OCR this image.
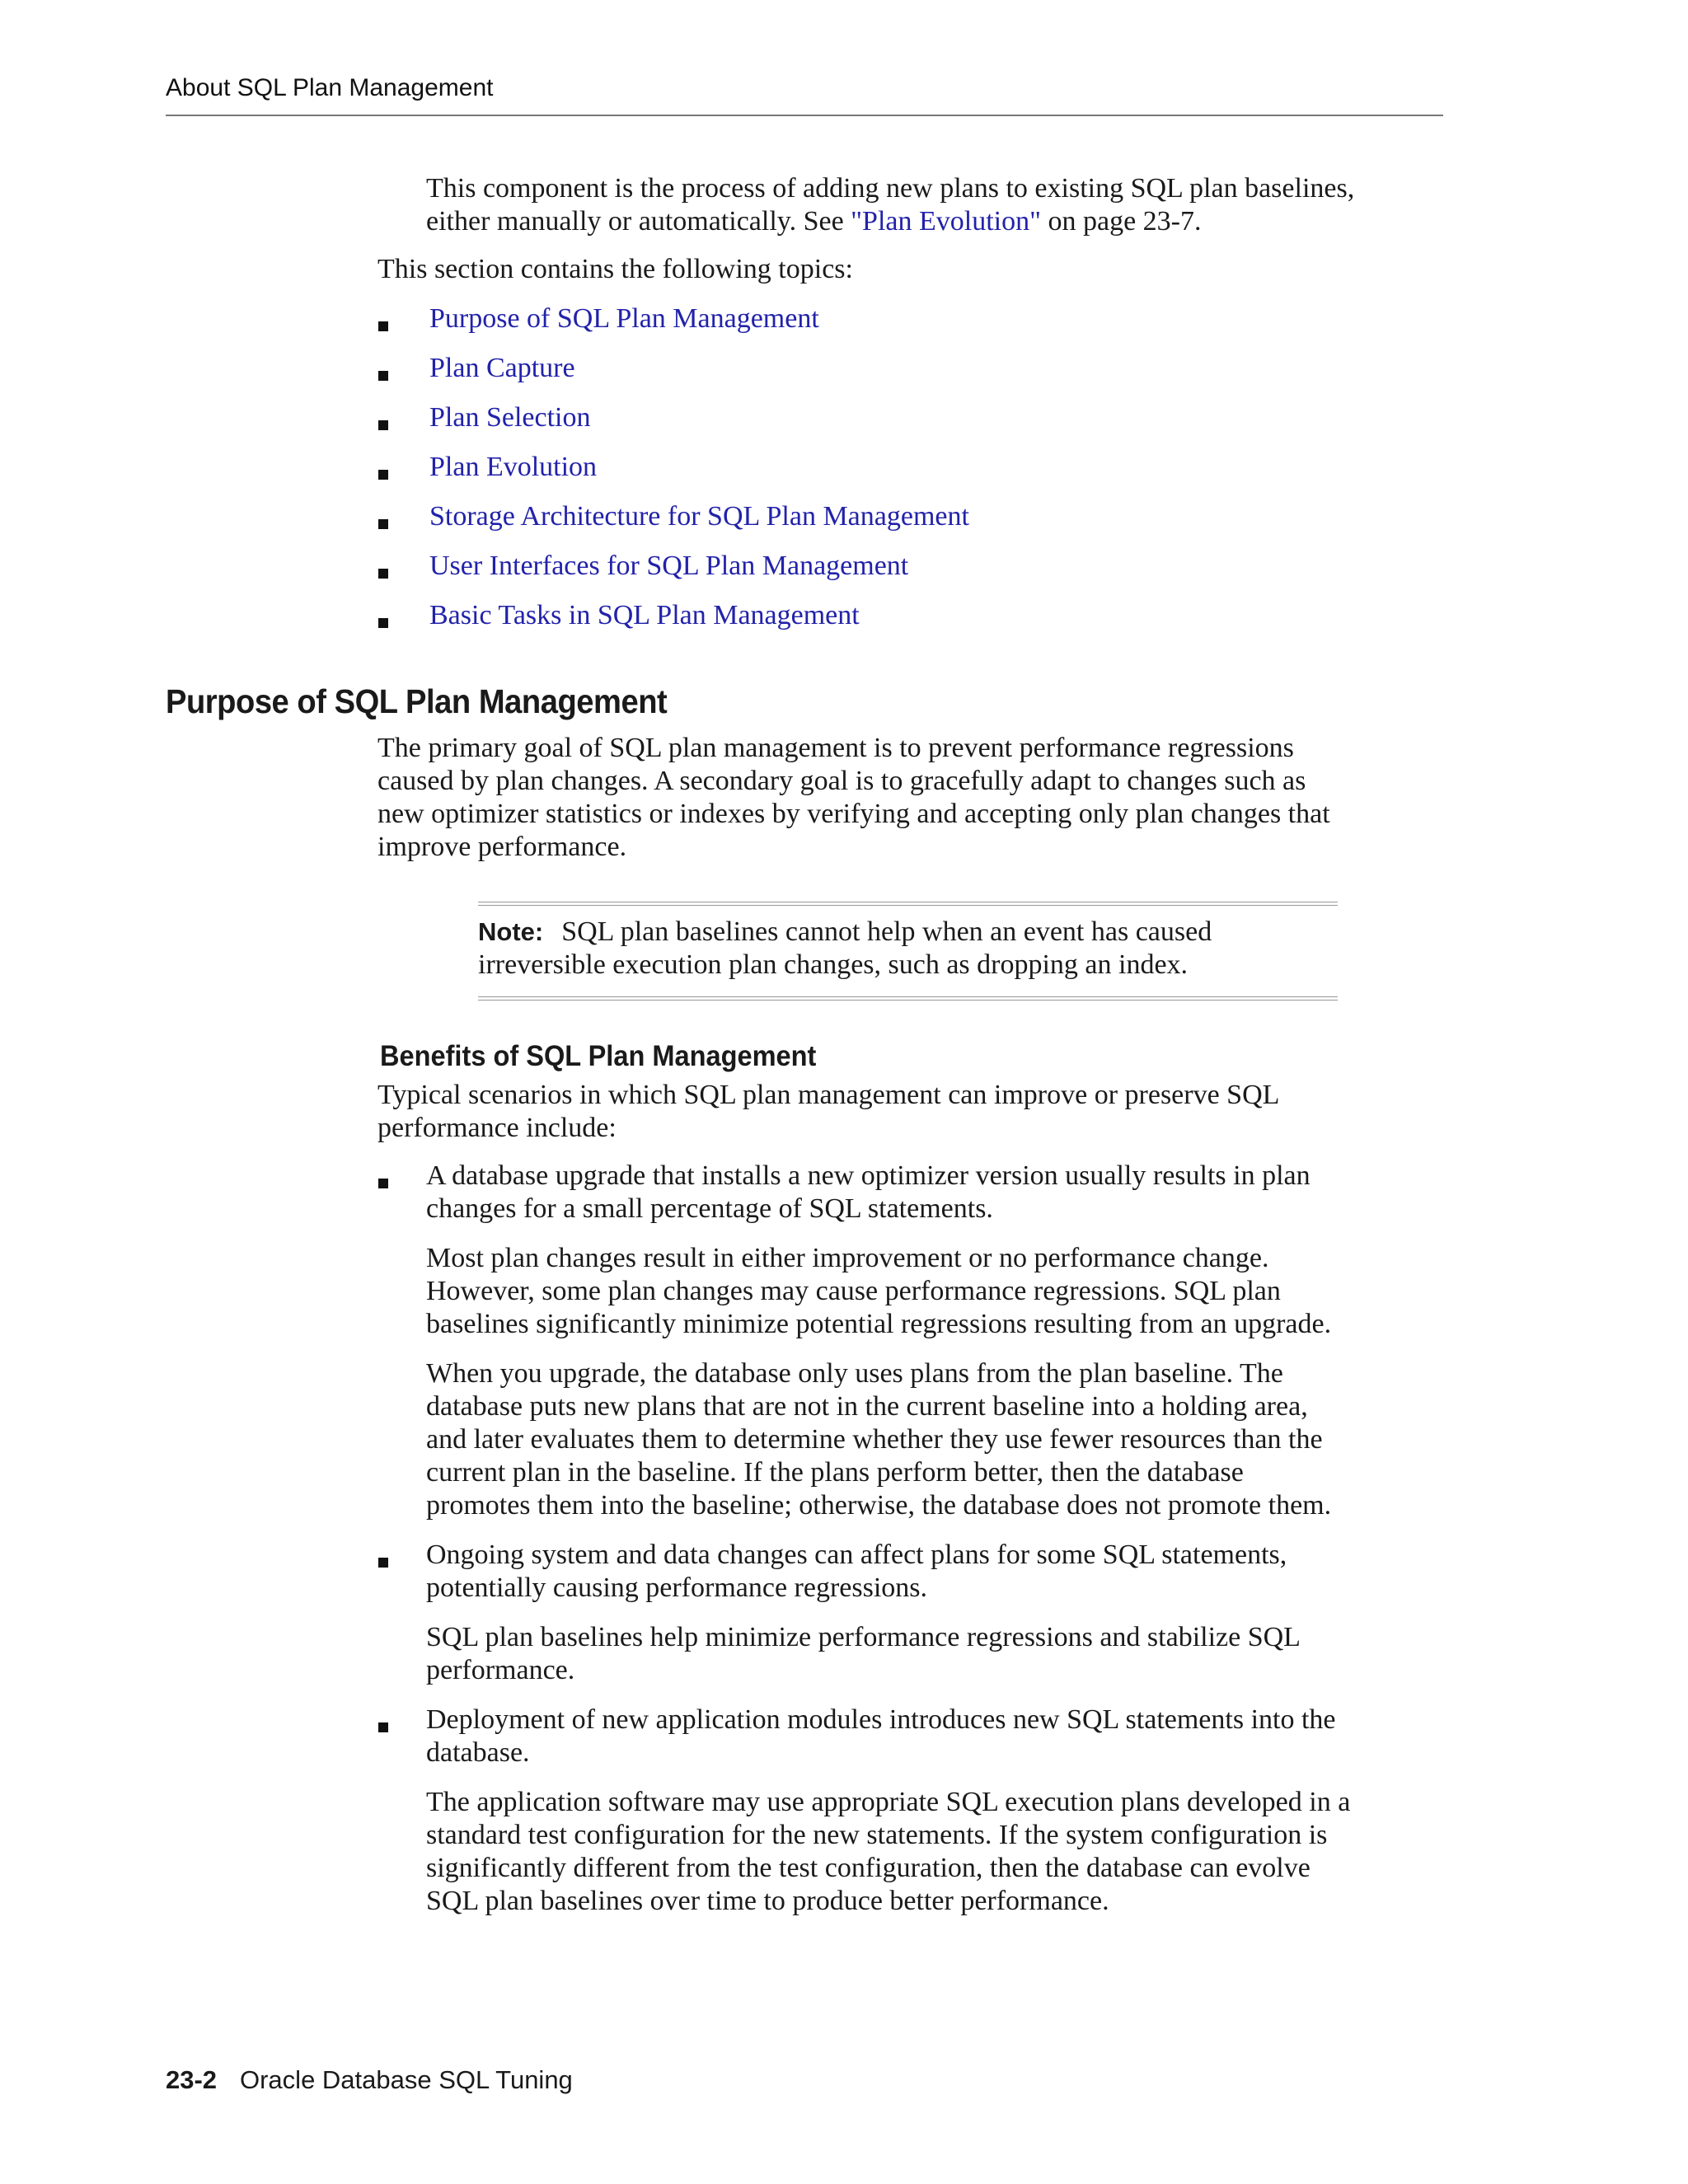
About SQL Plan Management

This component is the process of adding new plans to existing SQL plan baselines,

either manually or automatically. See "Plan Evolution" on page 23-7.

This section contains the following topics:

Purpose of SQL Plan Management
Plan Capture
Plan Selection
Plan Evolution
Storage Architecture for SQL Plan Management
User Interfaces for SQL Plan Management
Basic Tasks in SQL Plan Management
Purpose of SQL Plan Management

The primary goal of SQL plan management is to prevent performance regressions

caused by plan changes. A secondary goal is to gracefully adapt to changes such as

new optimizer statistics or indexes by verifying and accepting only plan changes that

improve performance.

Note: SQL plan baselines cannot help when an event has caused

irreversible execution plan changes, such as dropping an index.

Benefits of SQL Plan Management

Typical scenarios in which SQL plan management can improve or preserve SQL

performance include:

A database upgrade that installs a new optimizer version usually results in plan

changes for a small percentage of SQL statements.

Most plan changes result in either improvement or no performance change.

However, some plan changes may cause performance regressions. SQL plan

baselines significantly minimize potential regressions resulting from an upgrade.

When you upgrade, the database only uses plans from the plan baseline. The

database puts new plans that are not in the current baseline into a holding area,

and later evaluates them to determine whether they use fewer resources than the

current plan in the baseline. If the plans perform better, then the database

promotes them into the baseline; otherwise, the database does not promote them.

Ongoing system and data changes can affect plans for some SQL statements,

potentially causing performance regressions.

SQL plan baselines help minimize performance regressions and stabilize SQL

performance.

Deployment of new application modules introduces new SQL statements into the

database.

The application software may use appropriate SQL execution plans developed in a

standard test configuration for the new statements. If the system configuration is

significantly different from the test configuration, then the database can evolve

SQL plan baselines over time to produce better performance.

23-2 Oracle Database SQL Tuning
